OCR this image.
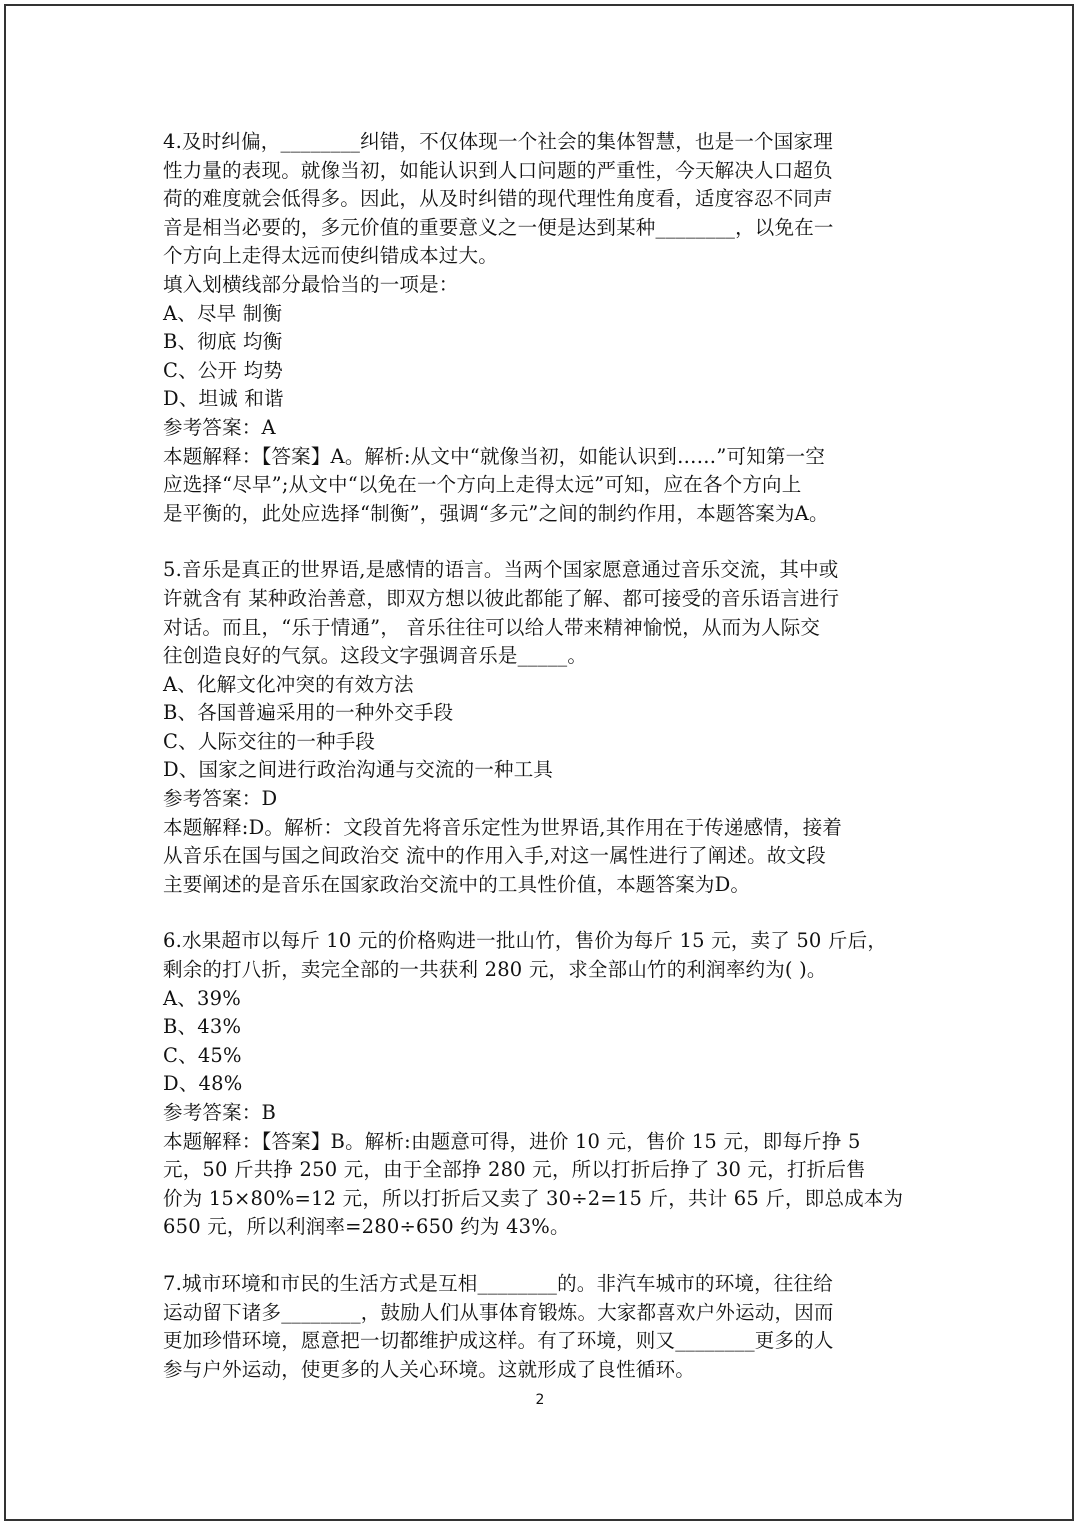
4.及时纠偏，________纠错，不仅体现一个社会的集体智慧，也是一个国家理
性力量的表现。就像当初，如能认识到人口问题的严重性，今天解决人口超负
荷的难度就会低得多。因此，从及时纠错的现代理性角度看，适度容忍不同声
音是相当必要的，多元价值的重要意义之一便是达到某种________，以免在一
个方向上走得太远而使纠错成本过大。
填入划横线部分最恰当的一项是：
A、尽早 制衡
B、彻底 均衡
C、公开 均势
D、坦诚 和谐
参考答案：A
本题解释：【答案】A。解析:从文中“就像当初，如能认识到……”可知第一空
应选择“尽早”;从文中“以免在一个方向上走得太远”可知，应在各个方向上
是平衡的，此处应选择“制衡”，强调“多元”之间的制约作用，本题答案为A。
5.音乐是真正的世界语,是感情的语言。当两个国家愿意通过音乐交流，其中或
许就含有 某种政治善意，即双方想以彼此都能了解、都可接受的音乐语言进行
对话。而且，“乐于情通”， 音乐往往可以给人带来精神愉悦，从而为人际交
往创造良好的气氛。这段文字强调音乐是_____。
A、化解文化冲突的有效方法
B、各国普遍采用的一种外交手段
C、人际交往的一种手段
D、国家之间进行政治沟通与交流的一种工具
参考答案：D
本题解释:D。解析：文段首先将音乐定性为世界语,其作用在于传递感情，接着
从音乐在国与国之间政治交 流中的作用入手,对这一属性进行了阐述。故文段
主要阐述的是音乐在国家政治交流中的工具性价值，本题答案为D。
6.水果超市以每斤 10 元的价格购进一批山竹，售价为每斤 15 元，卖了 50 斤后，
剩余的打八折，卖完全部的一共获利 280 元，求全部山竹的利润率约为( )。
A、39%
B、43%
C、45%
D、48%
参考答案：B
本题解释：【答案】B。解析:由题意可得，进价 10 元，售价 15 元，即每斤挣 5
元，50 斤共挣 250 元，由于全部挣 280 元，所以打折后挣了 30 元，打折后售
价为 15×80%=12 元，所以打折后又卖了 30÷2=15 斤，共计 65 斤，即总成本为
650 元，所以利润率=280÷650 约为 43%。
7.城市环境和市民的生活方式是互相________的。非汽车城市的环境，往往给
运动留下诸多________，鼓励人们从事体育锻炼。大家都喜欢户外运动，因而
更加珍惜环境，愿意把一切都维护成这样。有了环境，则又________更多的人
参与户外运动，使更多的人关心环境。这就形成了良性循环。
2
